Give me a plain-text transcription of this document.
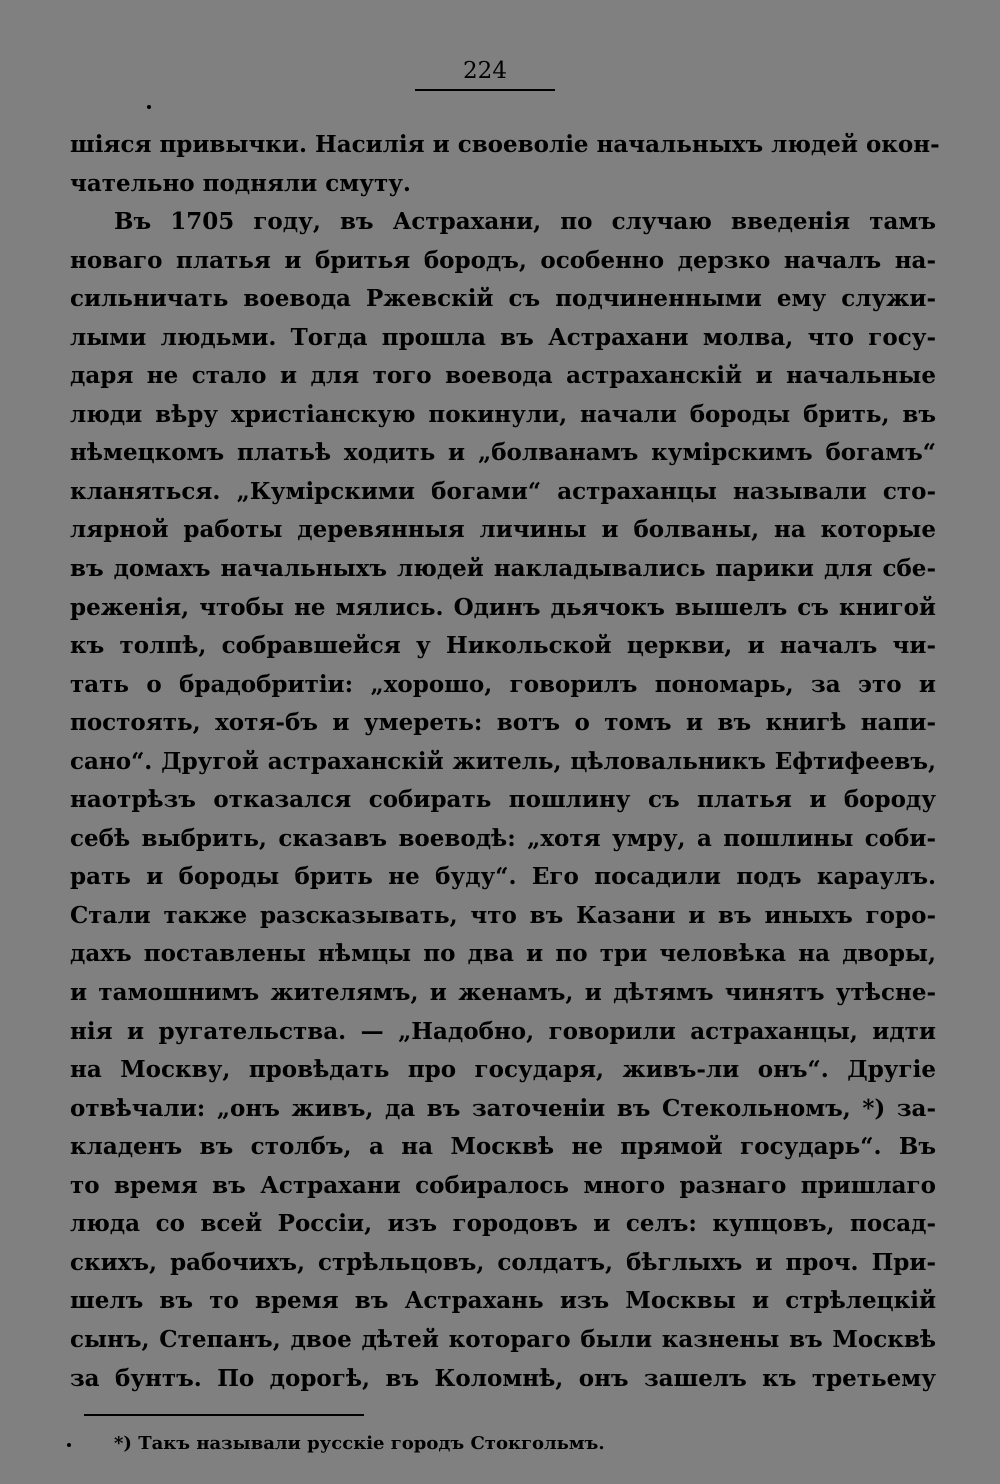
224
шіяся привычки. Насилія и своеволіе начальныхъ людей окон-
чательно подняли смуту.
Въ 1705 году, въ Астрахани, по случаю введенія тамъ
новаго платья и бритья бородъ, особенно дерзко началъ на-
сильничать воевода Ржевскій съ подчиненными ему служи-
лыми людьми. Тогда прошла въ Астрахани молва, что госу-
даря не стало и для того воевода астраханскій и начальные
люди вѣру христіанскую покинули, начали бороды брить, въ
нѣмецкомъ платьѣ ходить и „болванамъ кумірскимъ богамъ“
кланяться. „Кумірскими богами“ астраханцы называли сто-
лярной работы деревянныя личины и болваны, на которые
въ домахъ начальныхъ людей накладывались парики для сбе-
реженія, чтобы не мялись. Одинъ дьячокъ вышелъ съ книгой
къ толпѣ, собравшейся у Никольской церкви, и началъ чи-
тать о брадобритіи: „хорошо, говорилъ пономарь, за это и
постоять, хотя-бъ и умереть: вотъ о томъ и въ книгѣ напи-
сано“. Другой астраханскій житель, цѣловальникъ Ефтифеевъ,
наотрѣзъ отказался собирать пошлину съ платья и бороду
себѣ выбрить, сказавъ воеводѣ: „хотя умру, а пошлины соби-
рать и бороды брить не буду“. Его посадили подъ караулъ.
Стали также разсказывать, что въ Казани и въ иныхъ горо-
дахъ поставлены нѣмцы по два и по три человѣка на дворы,
и тамошнимъ жителямъ, и женамъ, и дѣтямъ чинятъ утѣсне-
нія и ругательства. — „Надобно, говорили астраханцы, идти
на Москву, провѣдать про государя, живъ-ли онъ“. Другіе
отвѣчали: „онъ живъ, да въ заточеніи въ Стекольномъ, *) за-
кладенъ въ столбъ, а на Москвѣ не прямой государь“. Въ
то время въ Астрахани собиралось много разнаго пришлаго
люда со всей Россіи, изъ городовъ и селъ: купцовъ, посад-
скихъ, рабочихъ, стрѣльцовъ, солдатъ, бѣглыхъ и проч. При-
шелъ въ то время въ Астрахань изъ Москвы и стрѣлецкій
сынъ, Степанъ, двое дѣтей котораго были казнены въ Москвѣ
за бунтъ. По дорогѣ, въ Коломнѣ, онъ зашелъ къ третьему
*) Такъ называли русскіе городъ Стокгольмъ.
